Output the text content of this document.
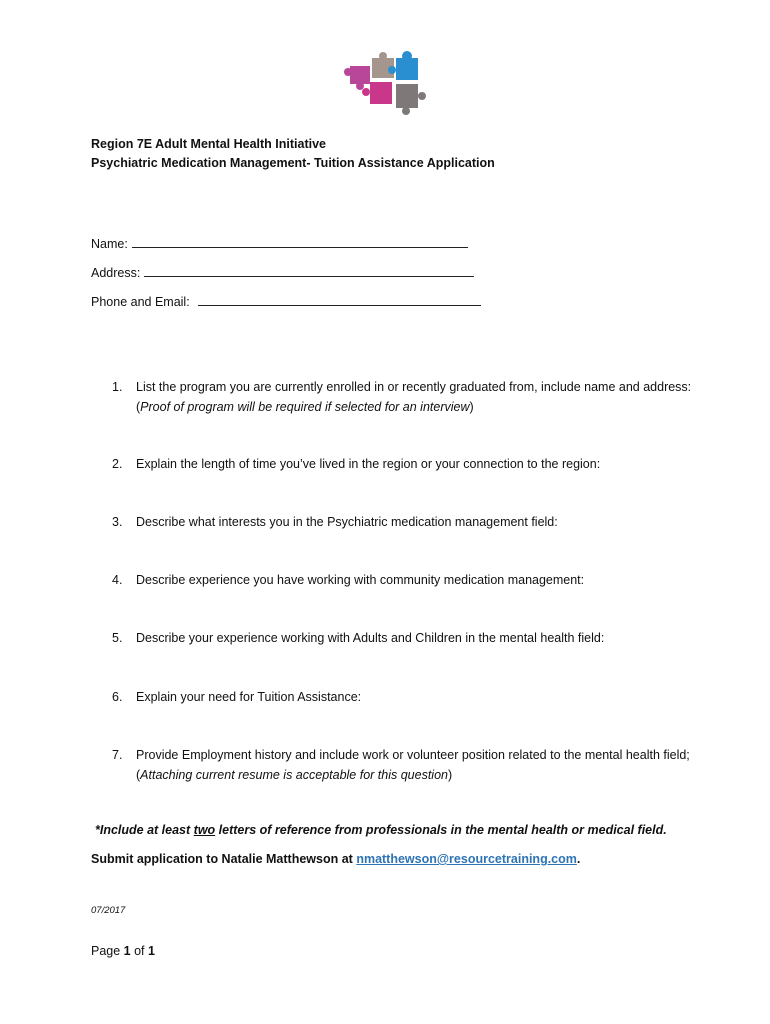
Region 7E Adult Mental Health Initiative
Psychiatric Medication Management- Tuition Assistance Application
Name:
Address:
Phone and Email:
1. List the program you are currently enrolled in or recently graduated from, include name and address: (Proof of program will be required if selected for an interview)
2. Explain the length of time you’ve lived in the region or your connection to the region:
3. Describe what interests you in the Psychiatric medication management field:
4. Describe experience you have working with community medication management:
5. Describe your experience working with Adults and Children in the mental health field:
6. Explain your need for Tuition Assistance:
7. Provide Employment history and include work or volunteer position related to the mental health field; (Attaching current resume is acceptable for this question)
*Include at least two letters of reference from professionals in the mental health or medical field.
Submit application to Natalie Matthewson at nmatthewson@resourcetraining.com.
07/2017
Page 1 of 1
